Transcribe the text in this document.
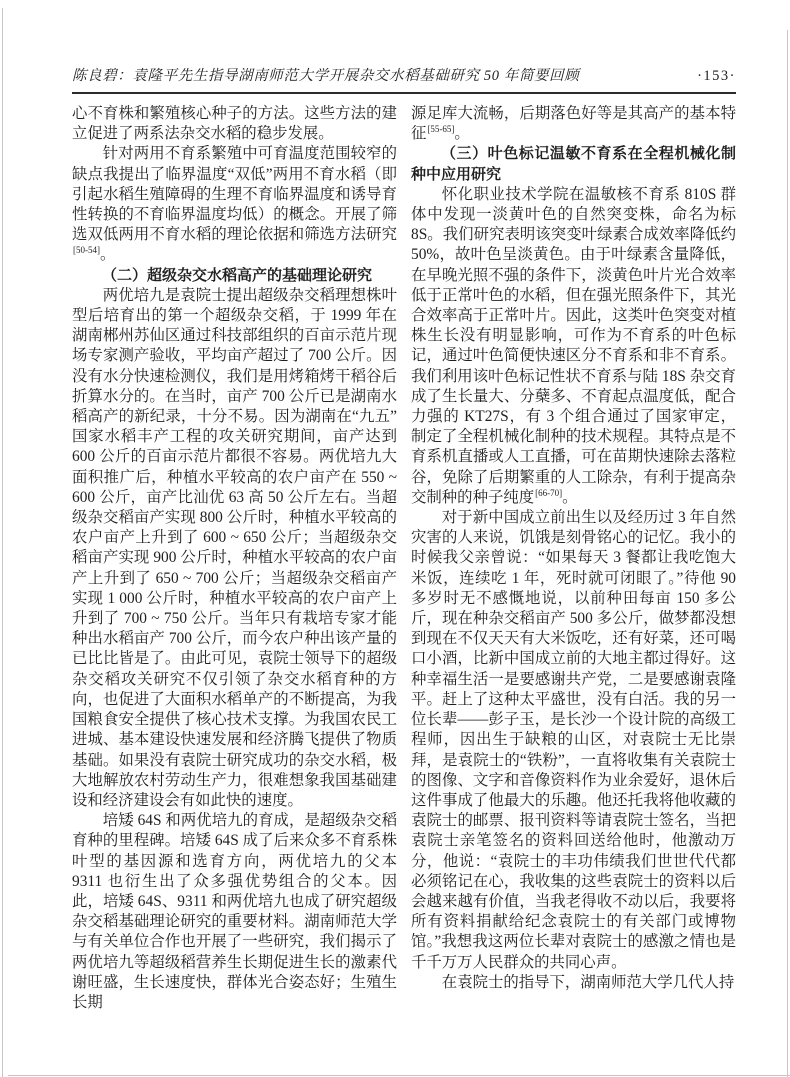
陈良碧：袁隆平先生指导湖南师范大学开展杂交水稻基础研究 50 年简要回顾	·153·

心不育株和繁殖核心种子的方法。这些方法的建立促进了两系法杂交水稻的稳步发展。

针对两用不育系繁殖中可育温度范围较窄的缺点我提出了临界温度“双低”两用不育水稻（即引起水稻生殖障碍的生理不育临界温度和诱导育性转换的不育临界温度均低）的概念。开展了筛选双低两用不育水稻的理论依据和筛选方法研究[50-54]。

（二）超级杂交水稻高产的基础理论研究

两优培九是袁院士提出超级杂交稻理想株叶型后培育出的第一个超级杂交稻，于 1999 年在湖南郴州苏仙区通过科技部组织的百亩示范片现场专家测产验收，平均亩产超过了 700 公斤。因没有水分快速检测仪，我们是用烤箱烤干稻谷后折算水分的。在当时，亩产 700 公斤已是湖南水稻高产的新纪录，十分不易。因为湖南在“九五”国家水稻丰产工程的攻关研究期间，亩产达到 600 公斤的百亩示范片都很不容易。两优培九大面积推广后，种植水平较高的农户亩产在 550 ~ 600 公斤，亩产比汕优 63 高 50 公斤左右。当超级杂交稻亩产实现 800 公斤时，种植水平较高的农户亩产上升到了 600 ~ 650 公斤；当超级杂交稻亩产实现 900 公斤时，种植水平较高的农户亩产上升到了 650 ~ 700 公斤；当超级杂交稻亩产实现 1 000 公斤时，种植水平较高的农户亩产上升到了 700 ~ 750 公斤。当年只有栽培专家才能种出水稻亩产 700 公斤，而今农户种出该产量的已比比皆是了。由此可见，袁院士领导下的超级杂交稻攻关研究不仅引领了杂交水稻育种的方向，也促进了大面积水稻单产的不断提高，为我国粮食安全提供了核心技术支撑。为我国农民工进城、基本建设快速发展和经济腾飞提供了物质基础。如果没有袁院士研究成功的杂交水稻，极大地解放农村劳动生产力，很难想象我国基础建设和经济建设会有如此快的速度。

培矮 64S 和两优培九的育成，是超级杂交稻育种的里程碑。培矮 64S 成了后来众多不育系株叶型的基因源和选育方向，两优培九的父本 9311 也衍生出了众多强优势组合的父本。因此，培矮 64S、9311 和两优培九也成了研究超级杂交稻基础理论研究的重要材料。湖南师范大学与有关单位合作也开展了一些研究，我们揭示了两优培九等超级稻营养生长期促进生长的激素代谢旺盛，生长速度快，群体光合姿态好；生殖生长期

源足库大流畅，后期落色好等是其高产的基本特征[55-65]。

（三）叶色标记温敏不育系在全程机械化制种中应用研究

怀化职业技术学院在温敏核不育系 810S 群体中发现一淡黄叶色的自然突变株，命名为标 8S。我们研究表明该突变叶绿素合成效率降低约 50%，故叶色呈淡黄色。由于叶绿素含量降低，在早晚光照不强的条件下，淡黄色叶片光合效率低于正常叶色的水稻，但在强光照条件下，其光合效率高于正常叶片。因此，这类叶色突变对植株生长没有明显影响，可作为不育系的叶色标记，通过叶色简便快速区分不育系和非不育系。我们利用该叶色标记性状不育系与陆 18S 杂交育成了生长量大、分蘖多、不育起点温度低，配合力强的 KT27S，有 3 个组合通过了国家审定，制定了全程机械化制种的技术规程。其特点是不育系机直播或人工直播，可在苗期快速除去落粒谷，免除了后期繁重的人工除杂，有利于提高杂交制种的种子纯度[66-70]。

对于新中国成立前出生以及经历过 3 年自然灾害的人来说，饥饿是刻骨铭心的记忆。我小的时候我父亲曾说：“如果每天 3 餐都让我吃饱大米饭，连续吃 1 年，死时就可闭眼了。”待他 90 多岁时无不感慨地说，以前种田每亩 150 多公斤，现在种杂交稻亩产 500 多公斤，做梦都没想到现在不仅天天有大米饭吃，还有好菜，还可喝口小酒，比新中国成立前的大地主都过得好。这种幸福生活一是要感谢共产党，二是要感谢袁隆平。赶上了这种太平盛世，没有白活。我的另一位长辈——彭子玉，是长沙一个设计院的高级工程师，因出生于缺粮的山区，对袁院士无比崇拜，是袁院士的“铁粉”，一直将收集有关袁院士的图像、文字和音像资料作为业余爱好，退休后这件事成了他最大的乐趣。他还托我将他收藏的袁院士的邮票、报刊资料等请袁院士签名，当把袁院士亲笔签名的资料回送给他时，他激动万分，他说：“袁院士的丰功伟绩我们世世代代都必须铭记在心，我收集的这些袁院士的资料以后会越来越有价值，当我老得收不动以后，我要将所有资料捐献给纪念袁院士的有关部门或博物馆。”我想我这两位长辈对袁院士的感激之情也是千千万万人民群众的共同心声。

在袁院士的指导下，湖南师范大学几代人持
